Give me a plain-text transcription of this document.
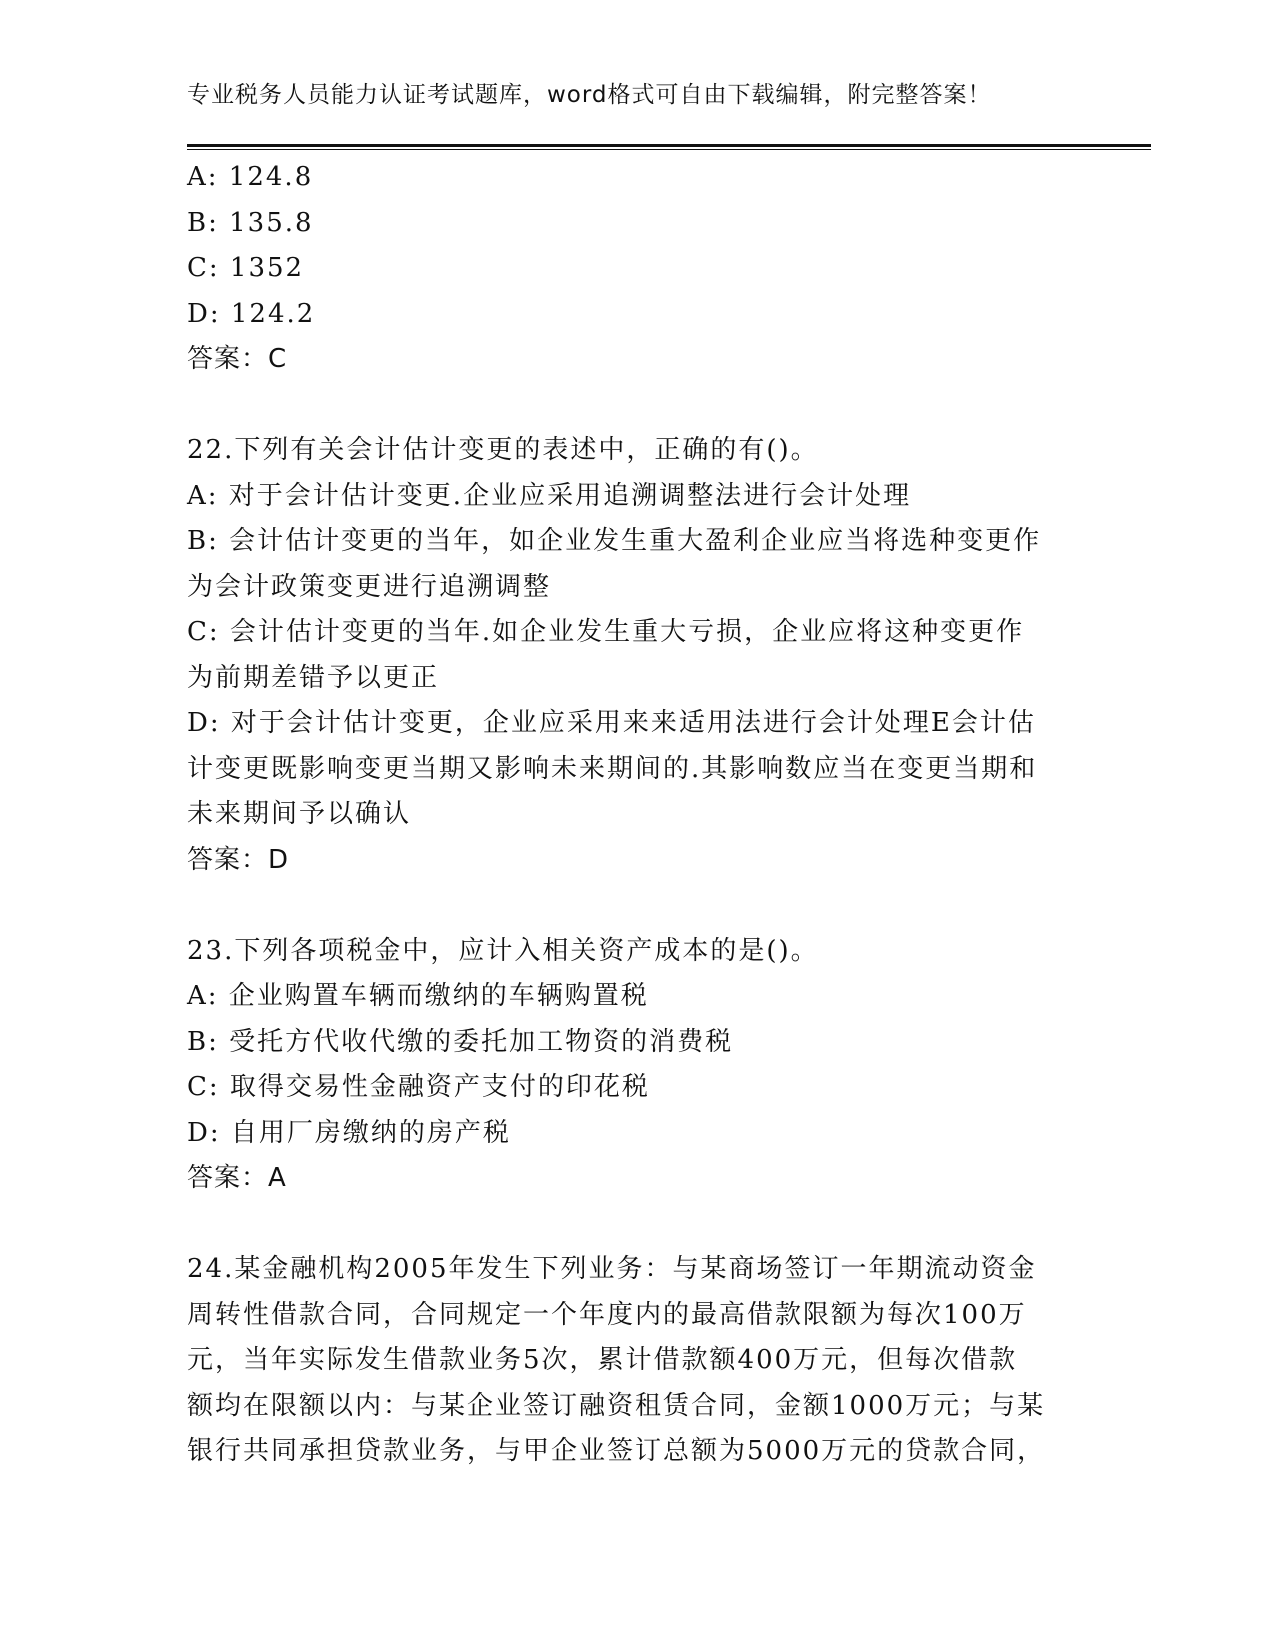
专业税务人员能力认证考试题库，word格式可自由下载编辑，附完整答案！
A: 124.8
B: 135.8
C: 1352
D: 124.2
答案：C
22.下列有关会计估计变更的表述中，正确的有()。
A: 对于会计估计变更.企业应采用追溯调整法进行会计处理
B: 会计估计变更的当年，如企业发生重大盈利企业应当将选种变更作
为会计政策变更进行追溯调整
C: 会计估计变更的当年.如企业发生重大亏损，企业应将这种变更作
为前期差错予以更正
D: 对于会计估计变更，企业应采用来来适用法进行会计处理E会计估
计变更既影响变更当期又影响未来期间的.其影响数应当在变更当期和
未来期间予以确认
答案：D
23.下列各项税金中，应计入相关资产成本的是()。
A: 企业购置车辆而缴纳的车辆购置税
B: 受托方代收代缴的委托加工物资的消费税
C: 取得交易性金融资产支付的印花税
D: 自用厂房缴纳的房产税
答案：A
24.某金融机构2005年发生下列业务：与某商场签订一年期流动资金
周转性借款合同，合同规定一个年度内的最高借款限额为每次100万
元，当年实际发生借款业务5次，累计借款额400万元，但每次借款
额均在限额以内：与某企业签订融资租赁合同，金额1000万元；与某
银行共同承担贷款业务，与甲企业签订总额为5000万元的贷款合同，
